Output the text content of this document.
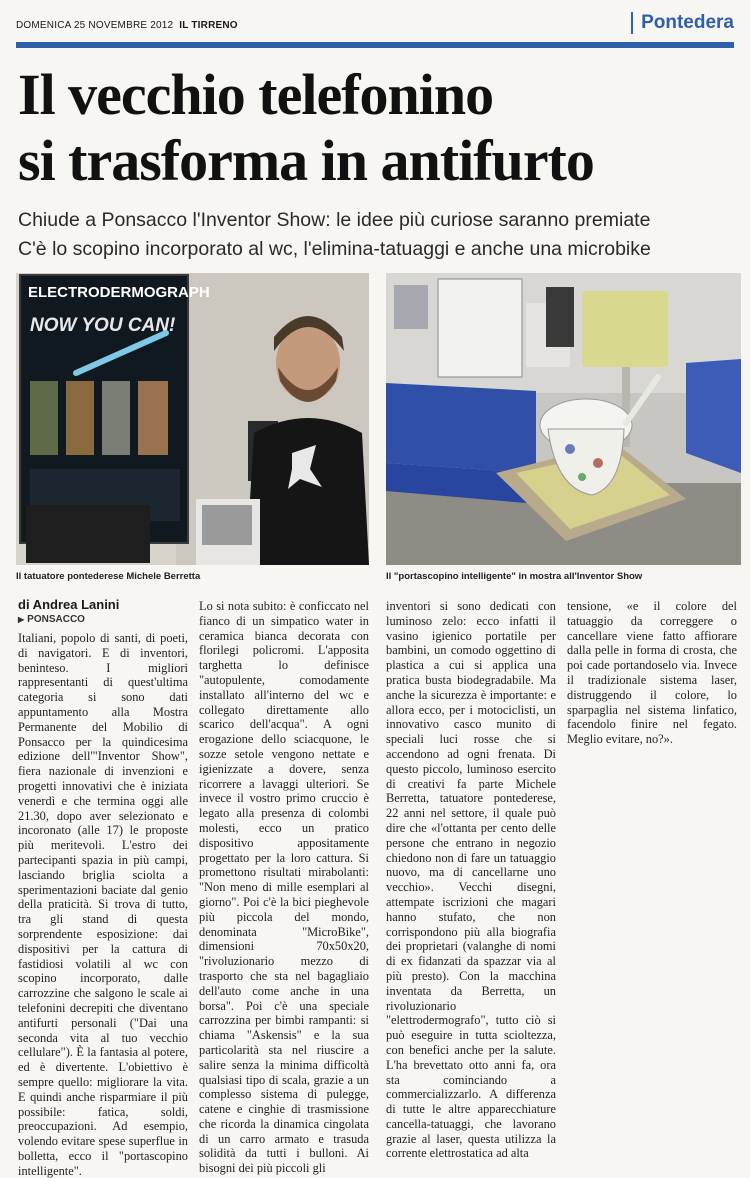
DOMENICA 25 NOVEMBRE 2012 IL TIRRENO	Pontedera
Il vecchio telefonino
si trasforma in antifurto
Chiude a Ponsacco l'Inventor Show: le idee più curiose saranno premiate
C'è lo scopino incorporato al wc, l'elimina-tatuaggi e anche una microbike
ELECTRODERMOGRAPH
NOW YOU CAN!
Il tatuatore pontederese Michele Berretta	Il "portascopino intelligente" in mostra all'Inventor Show
di Andrea Lanini
▶ PONSACCO
Italiani, popolo di santi, di poeti, di navigatori. E di inventori, beninteso. I migliori rappresentanti di quest'ultima categoria si sono dati appuntamento alla Mostra Permanente del Mobilio di Ponsacco per la quindicesima edizione dell'"Inventor Show", fiera nazionale di invenzioni e progetti innovativi che è iniziata venerdì e che termina oggi alle 21.30, dopo aver selezionato e incoronato (alle 17) le proposte più meritevoli. L'estro dei partecipanti spazia in più campi, lasciando briglia sciolta a sperimentazioni baciate dal genio della praticità. Si trova di tutto, tra gli stand di questa sorprendente esposizione: dai dispositivi per la cattura di fastidiosi volatili al wc con scopino incorporato, dalle carrozzine che salgono le scale ai telefonini decrepiti che diventano antifurti personali ("Dai una seconda vita al tuo vecchio cellulare"). È la fantasia al potere, ed è divertente. L'obiettivo è sempre quello: migliorare la vita. E quindi anche risparmiare il più possibile: fatica, soldi, preoccupazioni. Ad esempio, volendo evitare spese superflue in bolletta, ecco il "portascopino intelligente".
Lo si nota subito: è conficcato nel fianco di un simpatico water in ceramica bianca decorata con florilegi policromi. L'apposita targhetta lo definisce "autopulente, comodamente installato all'interno del wc e collegato direttamente allo scarico dell'acqua". A ogni erogazione dello sciacquone, le sozze setole vengono nettate e igienizzate a dovere, senza ricorrere a lavaggi ulteriori. Se invece il vostro primo cruccio è legato alla presenza di colombi molesti, ecco un pratico dispositivo appositamente progettato per la loro cattura. Si promettono risultati mirabolanti: "Non meno di mille esemplari al giorno". Poi c'è la bici pieghevole più piccola del mondo, denominata "MicroBike", dimensioni 70x50x20, "rivoluzionario mezzo di trasporto che sta nel bagagliaio dell'auto come anche in una borsa". Poi c'è una speciale carrozzina per bimbi rampanti: si chiama "Askensis" e la sua particolarità sta nel riuscire a salire senza la minima difficoltà qualsiasi tipo di scala, grazie a un complesso sistema di pulegge, catene e cinghie di trasmissione che ricorda la dinamica cingolata di un carro armato e trasuda solidità da tutti i bulloni. Ai bisogni dei più piccoli gli
inventori si sono dedicati con luminoso zelo: ecco infatti il vasino igienico portatile per bambini, un comodo oggettino di plastica a cui si applica una pratica busta biodegradabile. Ma anche la sicurezza è importante: e allora ecco, per i motociclisti, un innovativo casco munito di speciali luci rosse che si accendono ad ogni frenata. Di questo piccolo, luminoso esercito di creativi fa parte Michele Berretta, tatuatore pontederese, 22 anni nel settore, il quale può dire che «l'ottanta per cento delle persone che entrano in negozio chiedono non di fare un tatuaggio nuovo, ma di cancellarne uno vecchio». Vecchi disegni, attempate iscrizioni che magari hanno stufato, che non corrispondono più alla biografia dei proprietari (valanghe di nomi di ex fidanzati da spazzar via al più presto). Con la macchina inventata da Berretta, un rivoluzionario "elettrodermografo", tutto ciò si può eseguire in tutta scioltezza, con benefici anche per la salute. L'ha brevettato otto anni fa, ora sta cominciando a commercializzarlo. A differenza di tutte le altre apparecchiature cancella-tatuaggi, che lavorano grazie al laser, questa utilizza la corrente elettrostatica ad alta
tensione, «e il colore del tatuaggio da correggere o cancellare viene fatto affiorare dalla pelle in forma di crosta, che poi cade portandoselo via. Invece il tradizionale sistema laser, distruggendo il colore, lo sparpaglia nel sistema linfatico, facendolo finire nel fegato. Meglio evitare, no?».
